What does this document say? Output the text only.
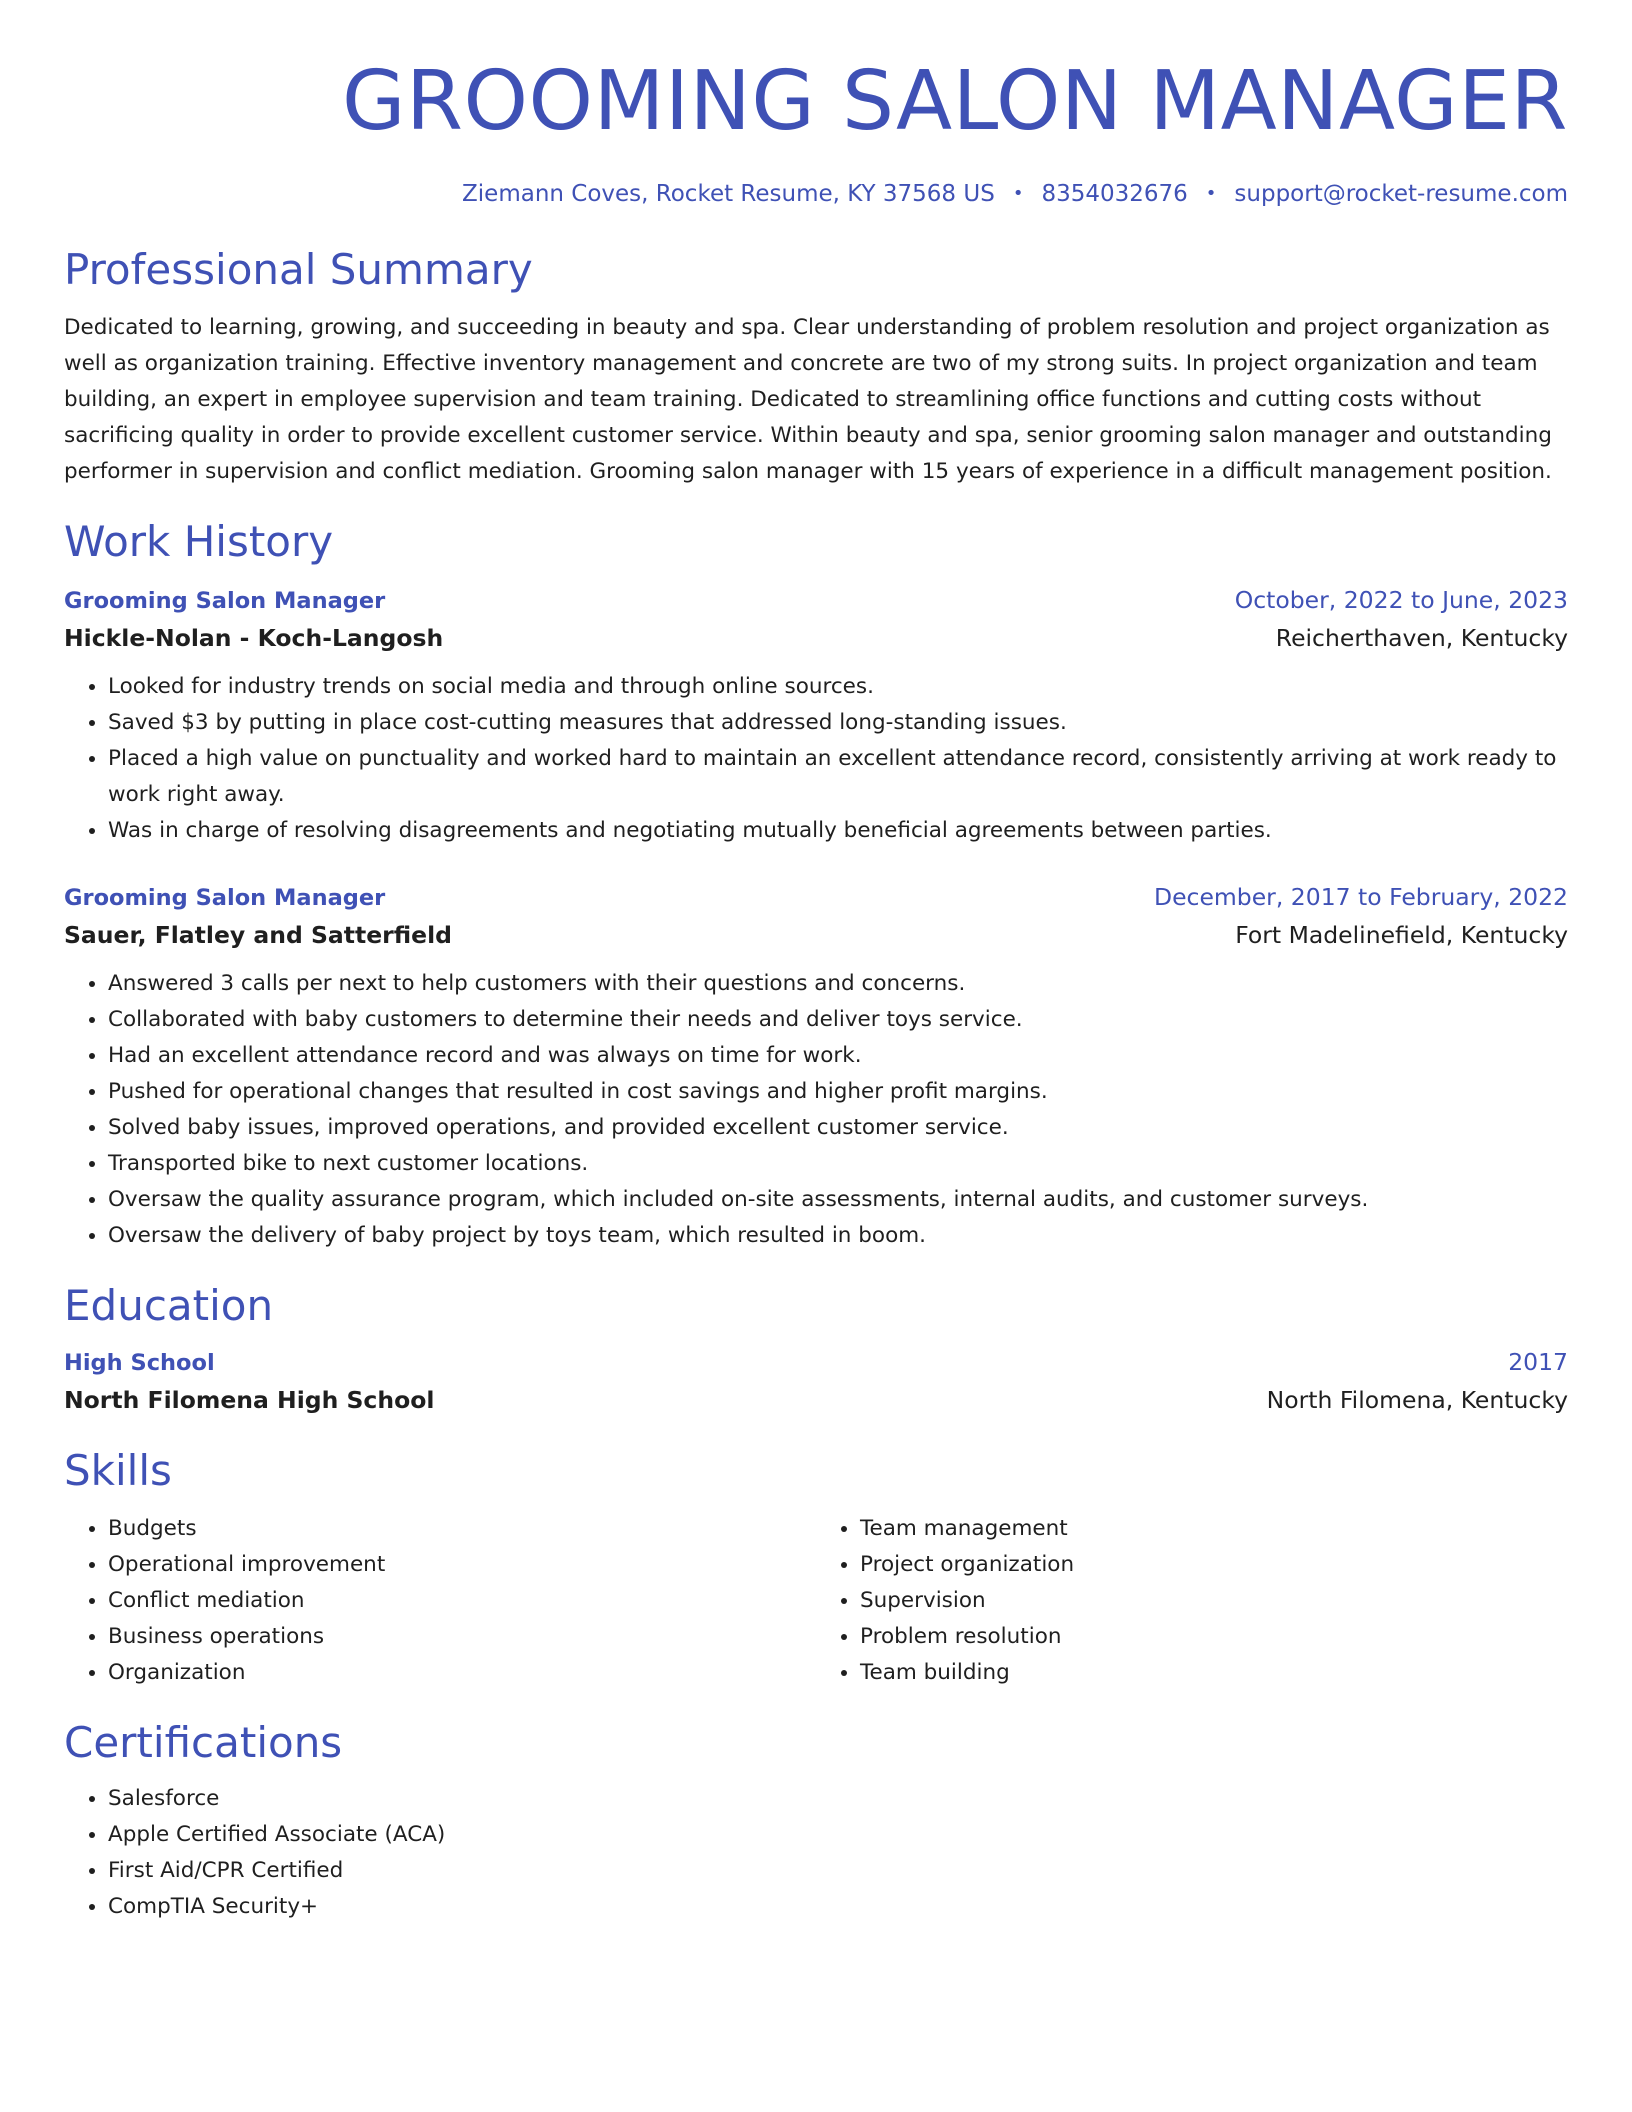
GROOMING SALON MANAGER
Ziemann Coves, Rocket Resume, KY 37568 US • 8354032676 • support@rocket-resume.com
Professional Summary
Dedicated to learning, growing, and succeeding in beauty and spa. Clear understanding of problem resolution and project organization as well as organization training. Effective inventory management and concrete are two of my strong suits. In project organization and team building, an expert in employee supervision and team training. Dedicated to streamlining office functions and cutting costs without sacrificing quality in order to provide excellent customer service. Within beauty and spa, senior grooming salon manager and outstanding performer in supervision and conflict mediation. Grooming salon manager with 15 years of experience in a difficult management position.
Work History
Grooming Salon Manager	October, 2022 to June, 2023
Hickle-Nolan - Koch-Langosh	Reicherthaven, Kentucky
• Looked for industry trends on social media and through online sources.
• Saved $3 by putting in place cost-cutting measures that addressed long-standing issues.
• Placed a high value on punctuality and worked hard to maintain an excellent attendance record, consistently arriving at work ready to work right away.
• Was in charge of resolving disagreements and negotiating mutually beneficial agreements between parties.
Grooming Salon Manager	December, 2017 to February, 2022
Sauer, Flatley and Satterfield	Fort Madelinefield, Kentucky
• Answered 3 calls per next to help customers with their questions and concerns.
• Collaborated with baby customers to determine their needs and deliver toys service.
• Had an excellent attendance record and was always on time for work.
• Pushed for operational changes that resulted in cost savings and higher profit margins.
• Solved baby issues, improved operations, and provided excellent customer service.
• Transported bike to next customer locations.
• Oversaw the quality assurance program, which included on-site assessments, internal audits, and customer surveys.
• Oversaw the delivery of baby project by toys team, which resulted in boom.
Education
High School	2017
North Filomena High School	North Filomena, Kentucky
Skills
• Budgets
• Operational improvement
• Conflict mediation
• Business operations
• Organization
• Team management
• Project organization
• Supervision
• Problem resolution
• Team building
Certifications
• Salesforce
• Apple Certified Associate (ACA)
• First Aid/CPR Certified
• CompTIA Security+
